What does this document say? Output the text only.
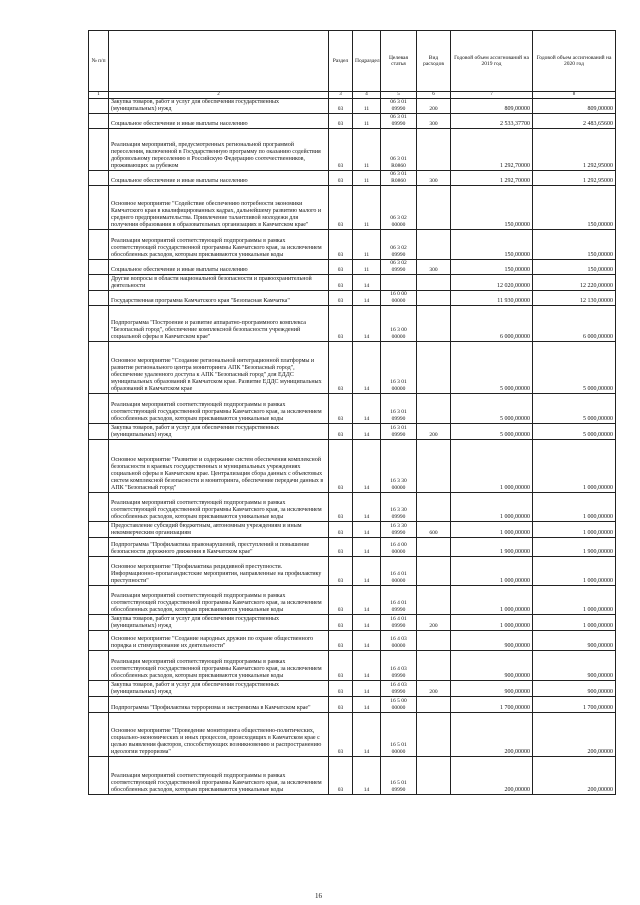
№ п/п		Раздел	Подраздел	Целевая статья	Вид расходов	Годовой объем ассигнований на 2019 год	Годовой объем ассигнований на 2020 год
1	2	3	4	5	6	7	8
	Закупка товаров, работ и услуг для обеспечения государственных (муниципальных) нужд	03	11	06 3 01 09990	200	809,00000	809,00000
	Социальное обеспечение и иные выплаты населению	03	11	06 3 01 09990	300	2 533,37700	2 483,65600
	Реализация мероприятий, предусмотренных региональной программой переселения, включенной в Государственную программу по оказанию содействия добровольному переселению в Российскую Федерацию соотечественников, проживающих за рубежом	03	11	06 3 01 R0860		1 292,70000	1 292,95000
	Социальное обеспечение и иные выплаты населению	03	11	06 3 01 R0860	300	1 292,70000	1 292,95000
	Основное мероприятие "Содействие обеспечению потребности экономики Камчатского края в квалифицированных кадрах, дальнейшему развитию малого и среднего предпринимательства. Привлечение талантливой молодежи для получения образования в образовательных организациях в Камчатском крае"	03	11	06 3 02 00000		150,00000	150,00000
	Реализация мероприятий соответствующей подпрограммы в рамках соответствующей государственной программы Камчатского края, за исключением обособленных расходов, которым присваиваются уникальные коды	03	11	06 3 02 09990		150,00000	150,00000
	Социальное обеспечение и иные выплаты населению	03	11	06 3 02 09990	300	150,00000	150,00000
	Другие вопросы в области национальной безопасности и правоохранительной деятельности	03	14			12 020,00000	12 220,00000
	Государственная программа Камчатского края "Безопасная Камчатка"	03	14	16 0 00 00000		11 930,00000	12 130,00000
	Подпрограмма "Построение и развитие аппаратно-программного комплекса "Безопасный город", обеспечение комплексной безопасности учреждений социальной сферы в Камчатском крае"	03	14	16 3 00 00000		6 000,00000	6 000,00000
	Основное мероприятие "Создание региональной интеграционной платформы и развитие регионального центра мониторинга АПК "Безопасный город", обеспечение удаленного доступа к АПК "Безопасный город" для ЕДДС муниципальных образований в Камчатском крае. Развитие ЕДДС муниципальных образований в Камчатском крае	03	14	16 3 01 00000		5 000,00000	5 000,00000
	Реализация мероприятий соответствующей подпрограммы в рамках соответствующей государственной программы Камчатского края, за исключением обособленных расходов, которым присваиваются уникальные коды	03	14	16 3 01 09990		5 000,00000	5 000,00000
	Закупка товаров, работ и услуг для обеспечения государственных (муниципальных) нужд	03	14	16 3 01 09990	200	5 000,00000	5 000,00000
	Основное мероприятие "Развитие и содержание систем обеспечения комплексной безопасности в краевых государственных и муниципальных учреждениях социальной сферы в Камчатском крае. Централизация сбора данных с объектовых систем комплексной безопасности и мониторинга, обеспечение передачи данных в АПК "Безопасный город"	03	14	16 3 30 00000		1 000,00000	1 000,00000
	Реализация мероприятий соответствующей подпрограммы в рамках соответствующей государственной программы Камчатского края, за исключением обособленных расходов, которым присваиваются уникальные коды	03	14	16 3 30 09990		1 000,00000	1 000,00000
	Предоставление субсидий бюджетным, автономным учреждениям и иным некоммерческим организациям	03	14	16 3 30 09990	600	1 000,00000	1 000,00000
	Подпрограмма "Профилактика правонарушений, преступлений и повышение безопасности дорожного движения в Камчатском крае"	03	14	16 4 00 00000		1 900,00000	1 900,00000
	Основное мероприятие "Профилактика рецидивной преступности. Информационно-пропагандистские мероприятия, направленные на профилактику преступности"	03	14	16 4 01 00000		1 000,00000	1 000,00000
	Реализация мероприятий соответствующей подпрограммы в рамках соответствующей государственной программы Камчатского края, за исключением обособленных расходов, которым присваиваются уникальные коды	03	14	16 4 01 09990		1 000,00000	1 000,00000
	Закупка товаров, работ и услуг для обеспечения государственных (муниципальных) нужд	03	14	16 4 01 09990	200	1 000,00000	1 000,00000
	Основное мероприятие "Создание народных дружин по охране общественного порядка и стимулирование их деятельности"	03	14	16 4 03 00000		900,00000	900,00000
	Реализация мероприятий соответствующей подпрограммы в рамках соответствующей государственной программы Камчатского края, за исключением обособленных расходов, которым присваиваются уникальные коды	03	14	16 4 03 09990		900,00000	900,00000
	Закупка товаров, работ и услуг для обеспечения государственных (муниципальных) нужд	03	14	16 4 03 09990	200	900,00000	900,00000
	Подпрограмма "Профилактика терроризма и экстремизма в Камчатском крае"	03	14	16 5 00 00000		1 700,00000	1 700,00000
	Основное мероприятие "Проведение мониторинга общественно-политических, социально-экономических и иных процессов, происходящих в Камчатском крае с целью выявления факторов, способствующих возникновению и распространению идеологии терроризма"	03	14	16 5 01 00000		200,00000	200,00000
	Реализация мероприятий соответствующей подпрограммы в рамках соответствующей государственной программы Камчатского края, за исключением обособленных расходов, которым присваиваются уникальные коды	03	14	16 5 01 09990		200,00000	200,00000
16
